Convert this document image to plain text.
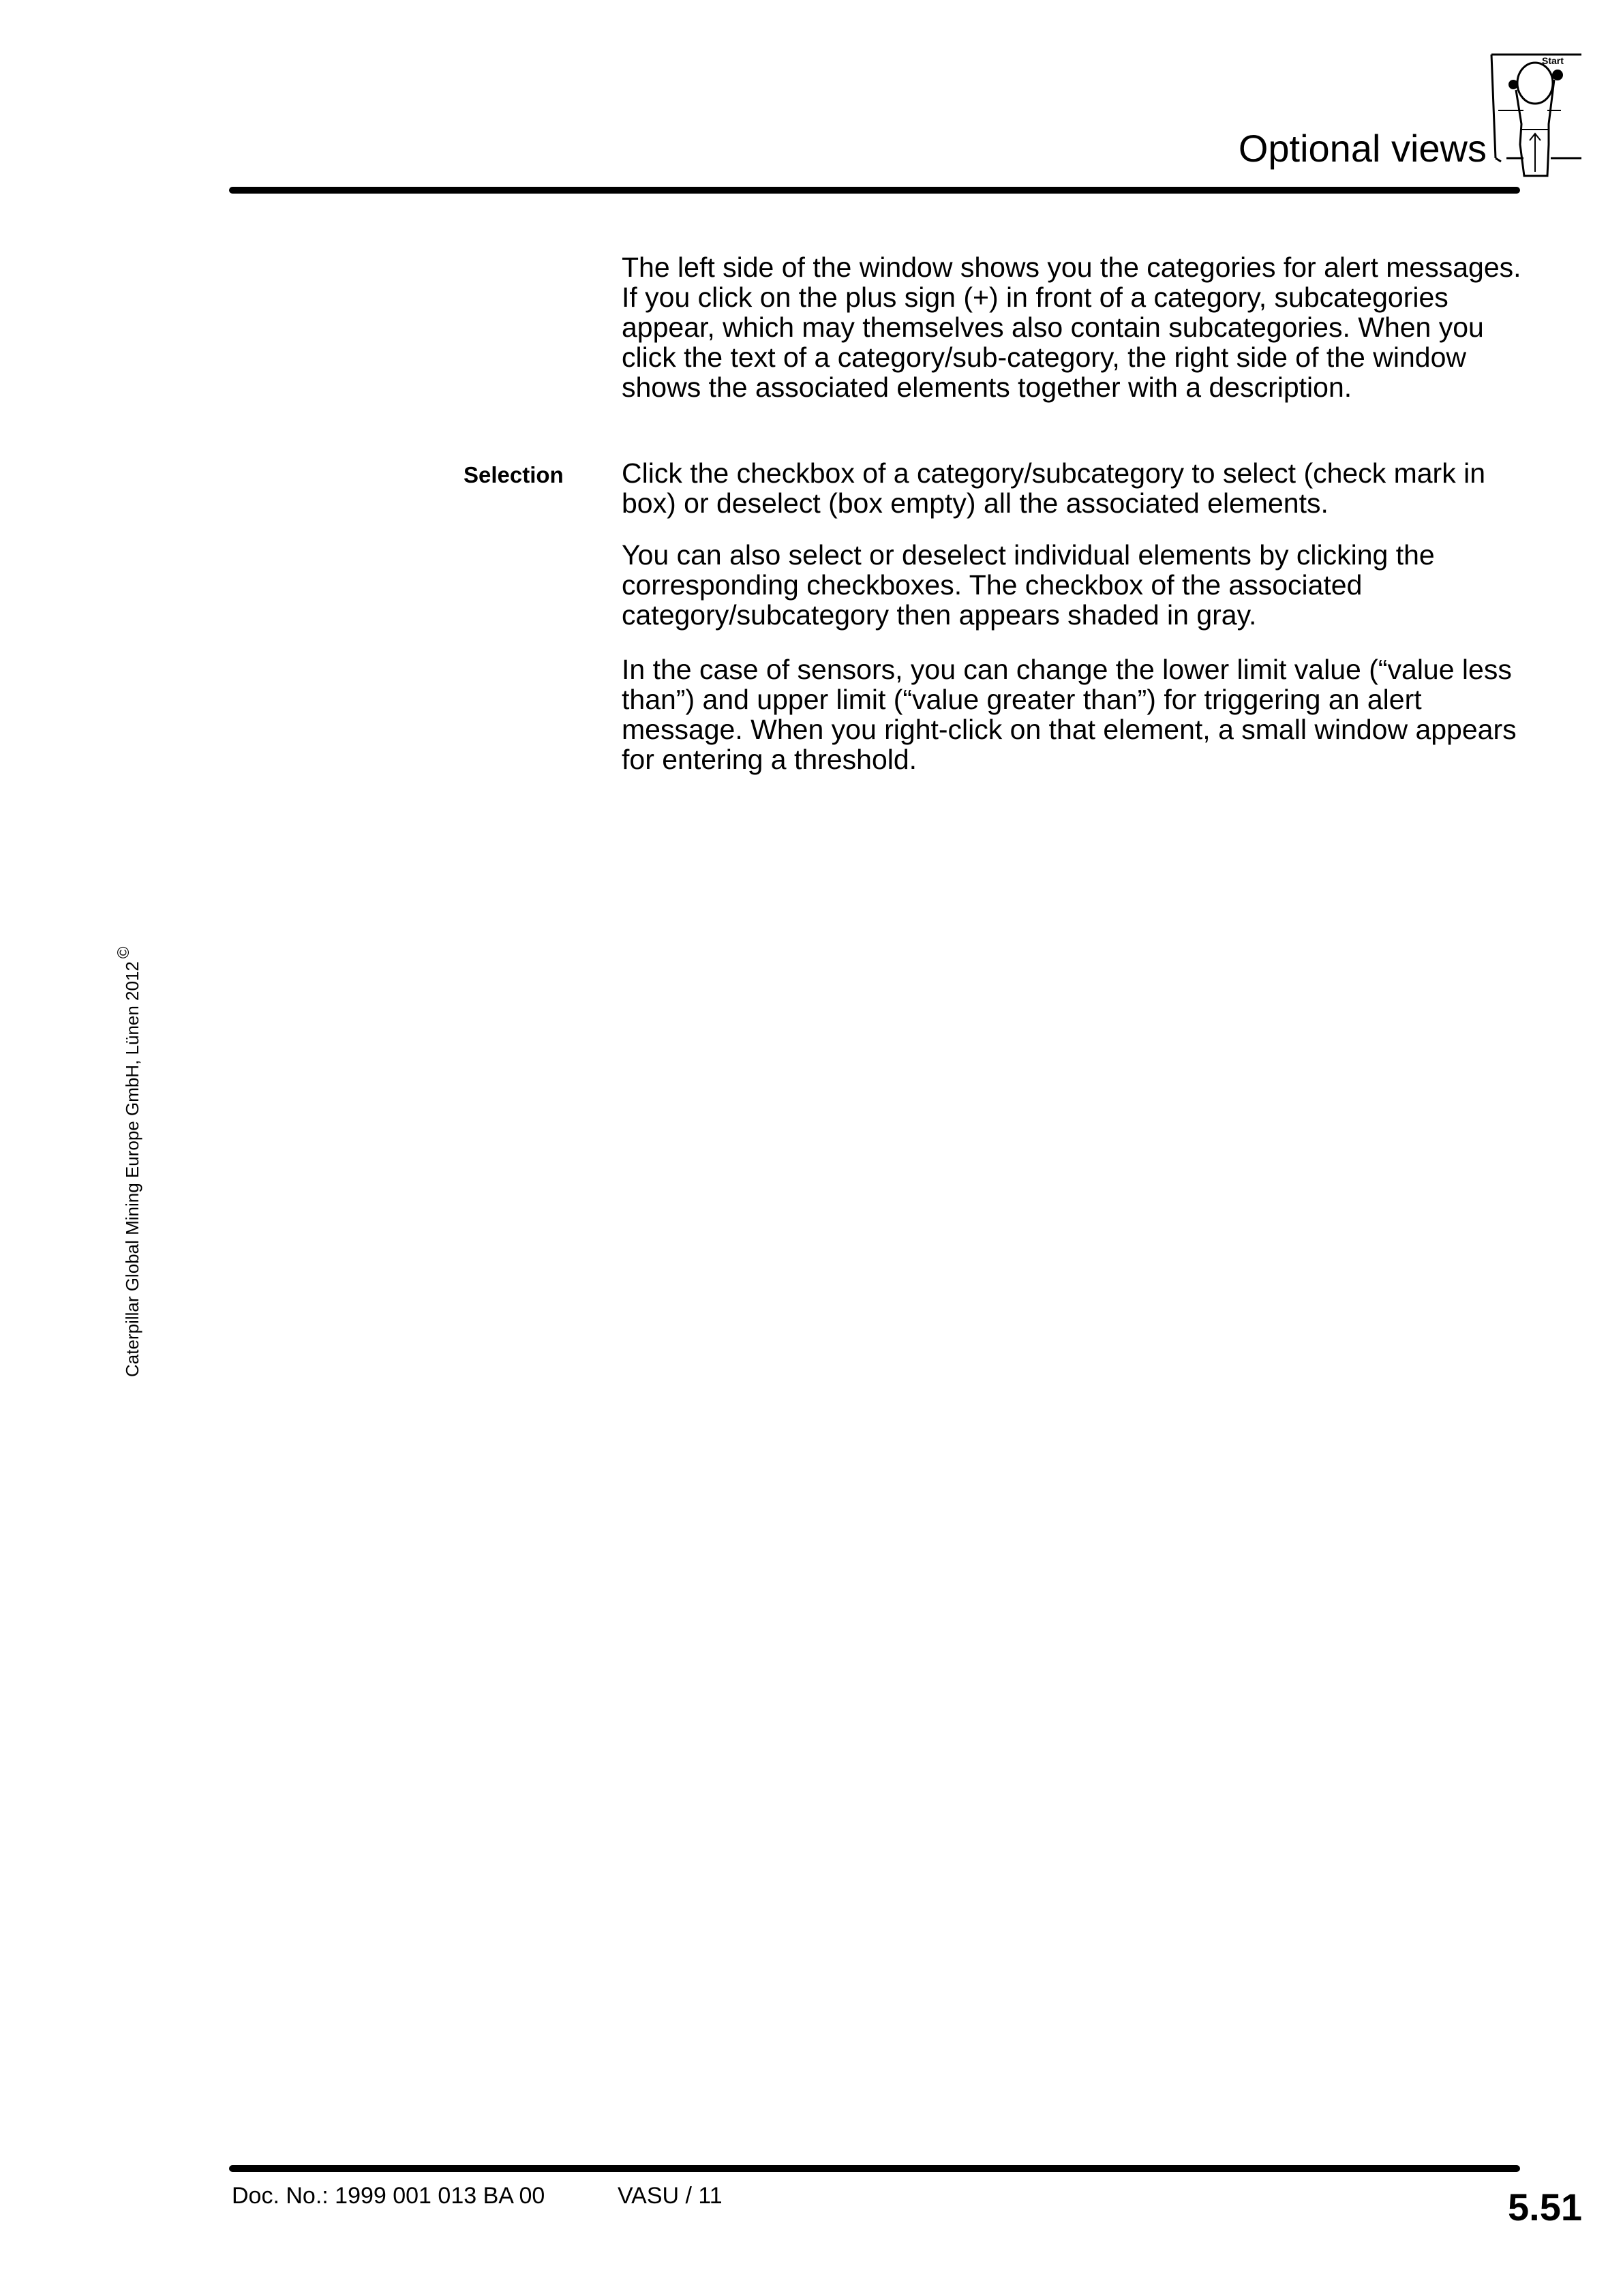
Optional views
Start

The left side of the window shows you the categories for alert messages. If you click on the plus sign (+) in front of a category, subcategories appear, which may themselves also contain subcategories. When you click the text of a category/sub-category, the right side of the window shows the associated elements together with a description.

Selection Click the checkbox of a category/subcategory to select (check mark in box) or deselect (box empty) all the associated elements.

You can also select or deselect individual elements by clicking the corresponding checkboxes. The checkbox of the associated category/subcategory then appears shaded in gray.

In the case of sensors, you can change the lower limit value (“value less than”) and upper limit (“value greater than”) for triggering an alert message. When you right-click on that element, a small window appears for entering a threshold.

Caterpillar Global Mining Europe GmbH, Lünen 2012©
Doc. No.: 1999 001 013 BA 00	VASU / 11	5.51
